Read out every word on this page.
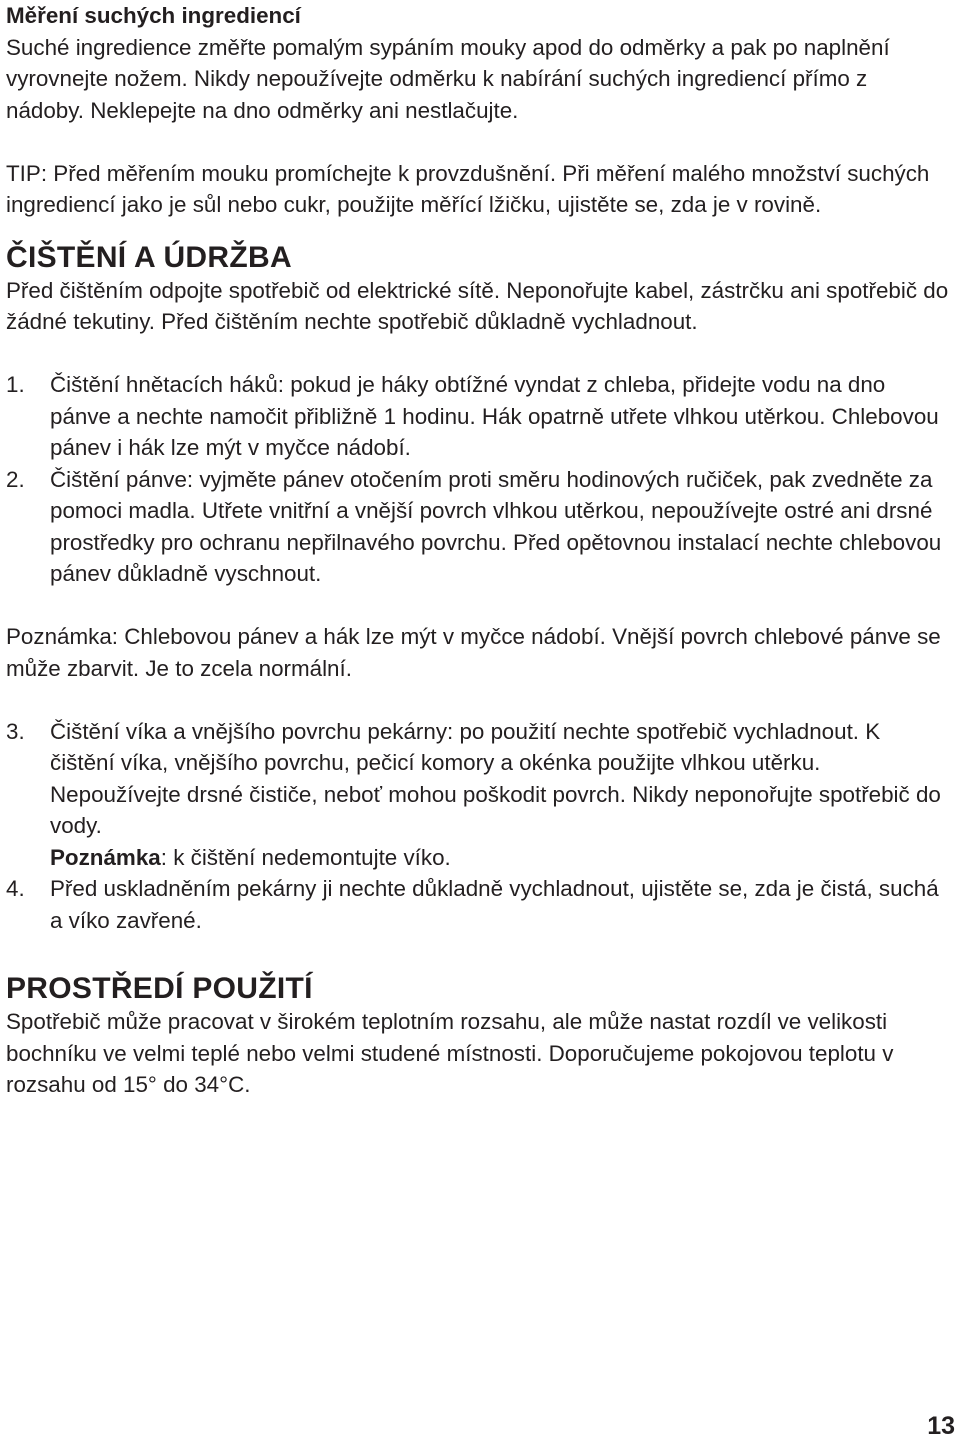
Měření suchých ingrediencí

Suché ingredience změřte pomalým sypáním mouky apod do odměrky a pak po naplnění vyrovnejte nožem. Nikdy nepoužívejte odměrku k nabírání suchých ingrediencí přímo z nádoby. Neklepejte na dno odměrky ani nestlačujte.

TIP: Před měřením mouku promíchejte k provzdušnění. Při měření malého množství suchých ingrediencí jako je sůl nebo cukr, použijte měřící lžičku, ujistěte se, zda je v rovině.

ČIŠTĚNÍ A ÚDRŽBA

Před čištěním odpojte spotřebič od elektrické sítě. Neponořujte kabel, zástrčku ani spotřebič do žádné tekutiny. Před čištěním nechte spotřebič důkladně vychladnout.

1. Čištění hnětacích háků: pokud je háky obtížné vyndat z chleba, přidejte vodu na dno pánve a nechte namočit přibližně 1 hodinu. Hák opatrně utřete vlhkou utěrkou. Chlebovou pánev i hák lze mýt v myčce nádobí.
2. Čištění pánve: vyjměte pánev otočením proti směru hodinových ručiček, pak zvedněte za pomoci madla. Utřete vnitřní a vnější povrch vlhkou utěrkou, nepoužívejte ostré ani drsné prostředky pro ochranu nepřilnavého povrchu. Před opětovnou instalací nechte chlebovou pánev důkladně vyschnout.

Poznámka: Chlebovou pánev a hák lze mýt v myčce nádobí. Vnější povrch chlebové pánve se může zbarvit. Je to zcela normální.

3. Čištění víka a vnějšího povrchu pekárny: po použití nechte spotřebič vychladnout. K čištění víka, vnějšího povrchu, pečicí komory a okénka použijte vlhkou utěrku. Nepoužívejte drsné čističe, neboť mohou poškodit povrch. Nikdy neponořujte spotřebič do vody.
Poznámka: k čištění nedemontujte víko.
4. Před uskladněním pekárny ji nechte důkladně vychladnout, ujistěte se, zda je čistá, suchá a víko zavřené.
PROSTŘEDÍ POUŽITÍ

Spotřebič může pracovat v širokém teplotním rozsahu, ale může nastat rozdíl ve velikosti bochníku ve velmi teplé nebo velmi studené místnosti. Doporučujeme pokojovou teplotu v rozsahu od 15° do 34°C.

13
